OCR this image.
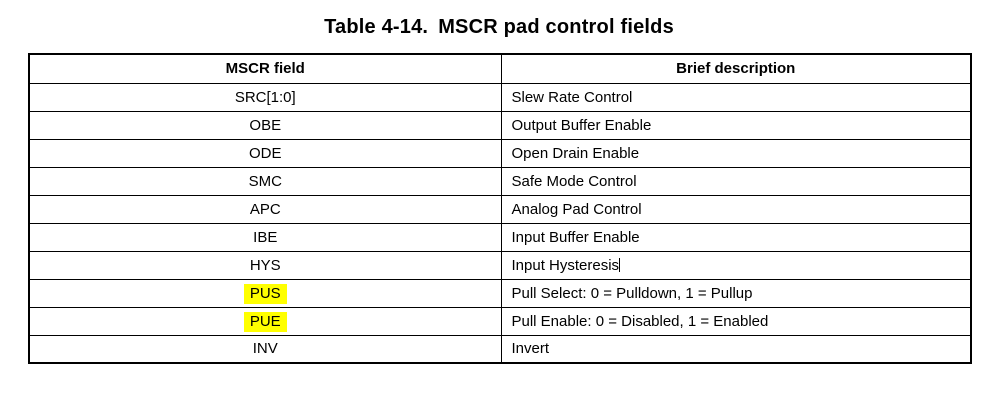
Table 4-14. MSCR pad control fields
MSCR field	Brief description
SRC[1:0]	Slew Rate Control
OBE	Output Buffer Enable
ODE	Open Drain Enable
SMC	Safe Mode Control
APC	Analog Pad Control
IBE	Input Buffer Enable
HYS	Input Hysteresis
PUS	Pull Select: 0 = Pulldown, 1 = Pullup
PUE	Pull Enable: 0 = Disabled, 1 = Enabled
INV	Invert
